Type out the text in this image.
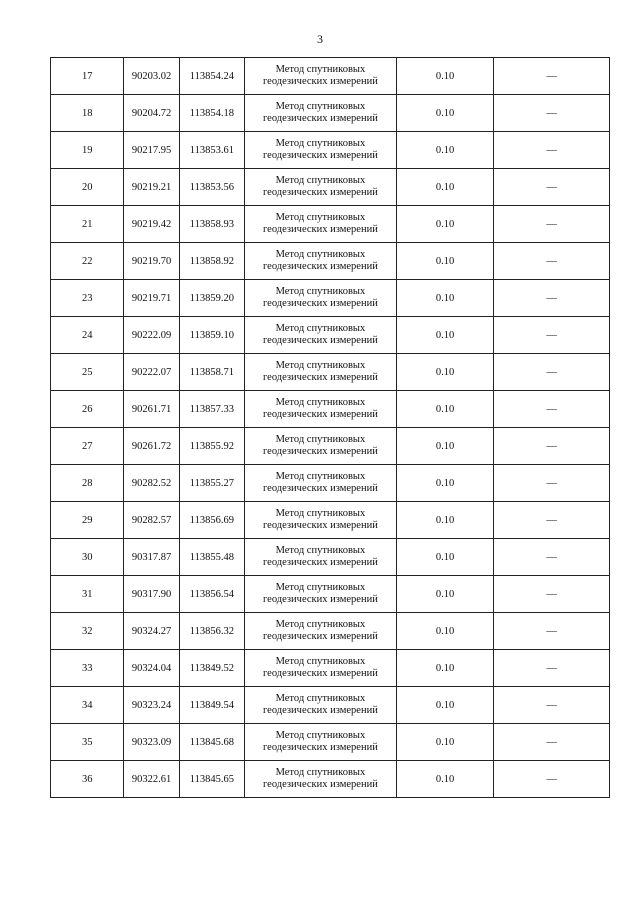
3
17	90203.02	113854.24	Метод спутниковых
геодезических измерений	0.10	—
18	90204.72	113854.18	Метод спутниковых
геодезических измерений	0.10	—
19	90217.95	113853.61	Метод спутниковых
геодезических измерений	0.10	—
20	90219.21	113853.56	Метод спутниковых
геодезических измерений	0.10	—
21	90219.42	113858.93	Метод спутниковых
геодезических измерений	0.10	—
22	90219.70	113858.92	Метод спутниковых
геодезических измерений	0.10	—
23	90219.71	113859.20	Метод спутниковых
геодезических измерений	0.10	—
24	90222.09	113859.10	Метод спутниковых
геодезических измерений	0.10	—
25	90222.07	113858.71	Метод спутниковых
геодезических измерений	0.10	—
26	90261.71	113857.33	Метод спутниковых
геодезических измерений	0.10	—
27	90261.72	113855.92	Метод спутниковых
геодезических измерений	0.10	—
28	90282.52	113855.27	Метод спутниковых
геодезических измерений	0.10	—
29	90282.57	113856.69	Метод спутниковых
геодезических измерений	0.10	—
30	90317.87	113855.48	Метод спутниковых
геодезических измерений	0.10	—
31	90317.90	113856.54	Метод спутниковых
геодезических измерений	0.10	—
32	90324.27	113856.32	Метод спутниковых
геодезических измерений	0.10	—
33	90324.04	113849.52	Метод спутниковых
геодезических измерений	0.10	—
34	90323.24	113849.54	Метод спутниковых
геодезических измерений	0.10	—
35	90323.09	113845.68	Метод спутниковых
геодезических измерений	0.10	—
36	90322.61	113845.65	Метод спутниковых
геодезических измерений	0.10	—
